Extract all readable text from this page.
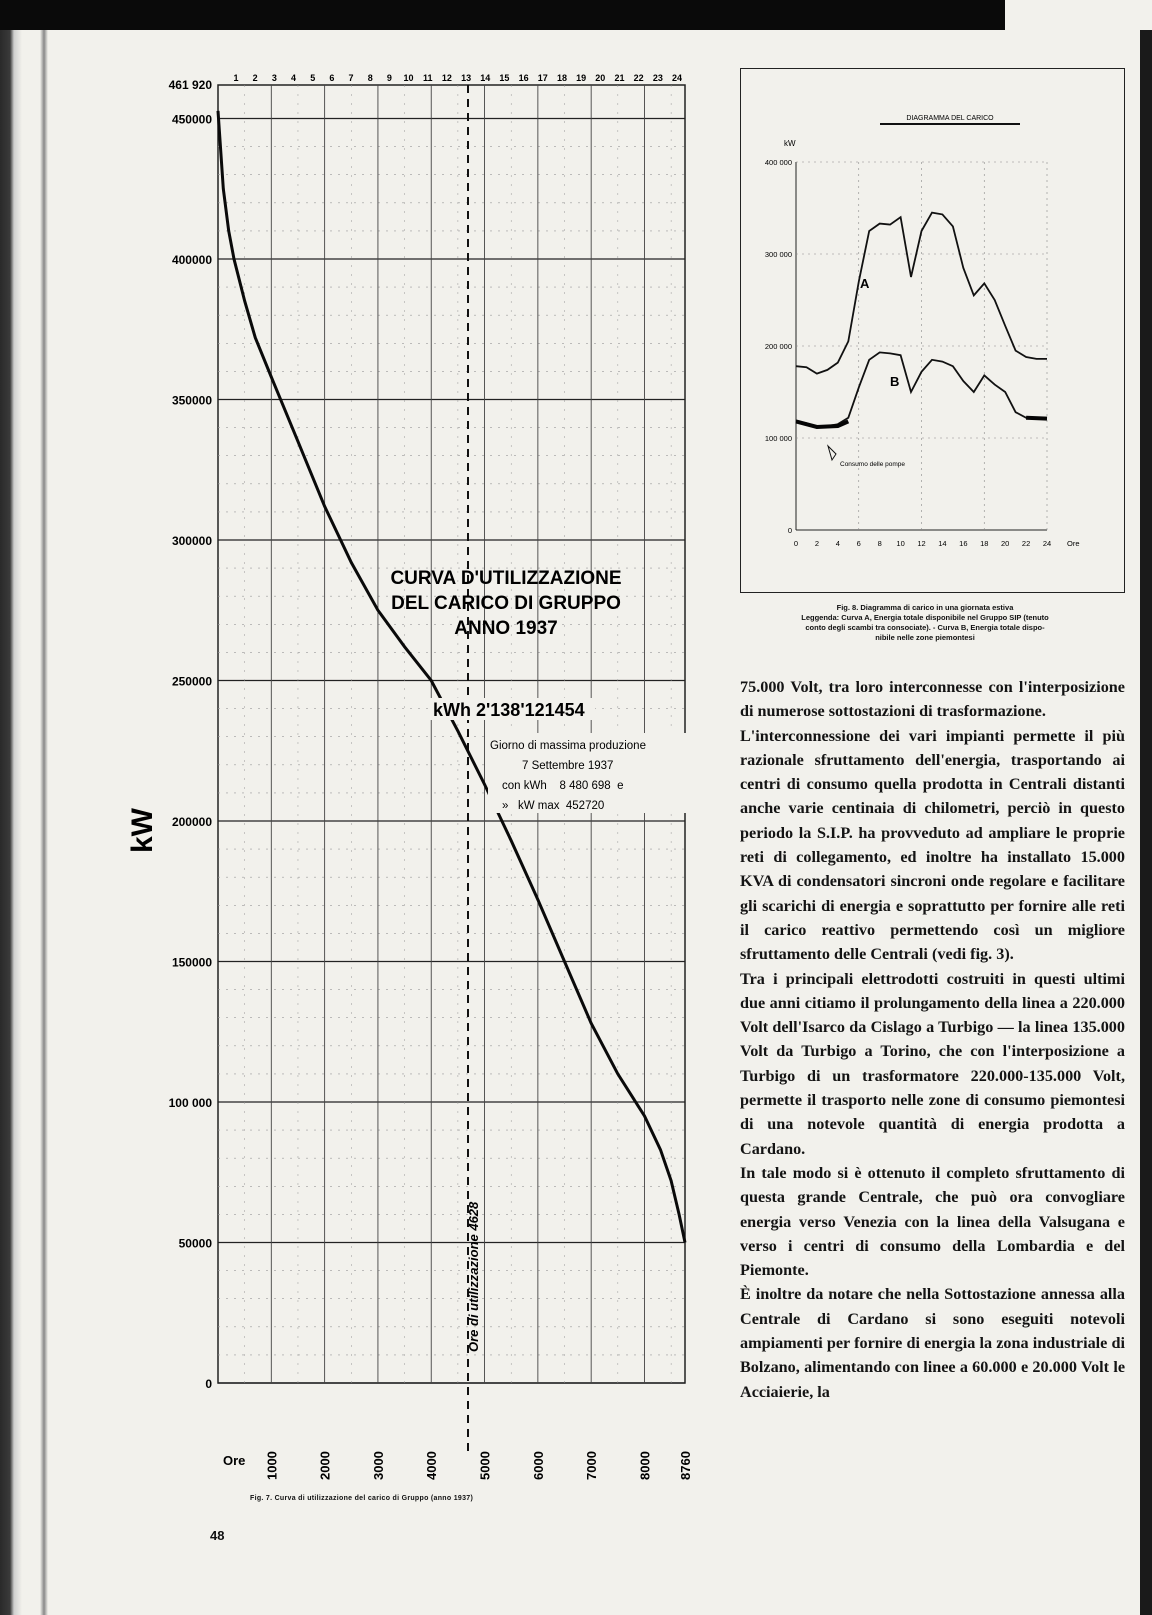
450000
400000
350000
300000
250000
200000
150000
100 000
50000
0
461 920 1 2 3 4 5 6 7 8 9 10 11 12 13 14 15 16 17 18 19 20 21 22 23 24
1000	2000	3000	4000	5000	6000	7000	8000 8760
kW
CURVA D'UTILIZZAZIONE
DEL CARICO DI GRUPPO
ANNO 1937
kWh 2'138'121454
Giorno di massima produzione
7 Settembre 1937
con kWh    8 480 698  e
»   kW max  452720
Ore di utilizzazione 4628
Ore
Fig. 7. Curva di utilizzazione del carico di Gruppo (anno 1937)
48
DIAGRAMMA DEL CARICO
kW
400 000
300 000
200 000
100 000
0
0 2 4 6 8 10 12 14 16 18 20 22 24 Ore
A
B
Consumo delle pompe
Fig. 8. Diagramma di carico in una giornata estiva
Leggenda: Curva A, Energia totale disponibile nel Gruppo SIP (tenuto
conto degli scambi tra consociate). - Curva B, Energia totale dispo-
nibile nelle zone piemontesi

75.000 Volt, tra loro interconnesse con l'interposizione di numerose sottostazioni di trasformazione.

L'interconnessione dei vari impianti permette il più razionale sfruttamento dell'energia, trasportando ai centri di consumo quella prodotta in Centrali distanti anche varie centinaia di chilometri, perciò in questo periodo la S.I.P. ha provveduto ad ampliare le proprie reti di collegamento, ed inoltre ha installato 15.000 KVA di condensatori sincroni onde regolare e facilitare gli scarichi di energia e soprattutto per fornire alle reti il carico reattivo permettendo così un migliore sfruttamento delle Centrali (vedi fig. 3).

Tra i principali elettrodotti costruiti in questi ultimi due anni citiamo il prolungamento della linea a 220.000 Volt dell'Isarco da Cislago a Turbigo — la linea 135.000 Volt da Turbigo a Torino, che con l'interposizione a Turbigo di un trasformatore 220.000-135.000 Volt, permette il trasporto nelle zone di consumo piemontesi di una notevole quantità di energia prodotta a Cardano.

In tale modo si è ottenuto il completo sfruttamento di questa grande Centrale, che può ora convogliare energia verso Venezia con la linea della Valsugana e verso i centri di consumo della Lombardia e del Piemonte.

È inoltre da notare che nella Sottostazione annessa alla Centrale di Cardano si sono eseguiti notevoli ampiamenti per fornire di energia la zona industriale di Bolzano, alimentando con linee a 60.000 e 20.000 Volt le Acciaierie, la
